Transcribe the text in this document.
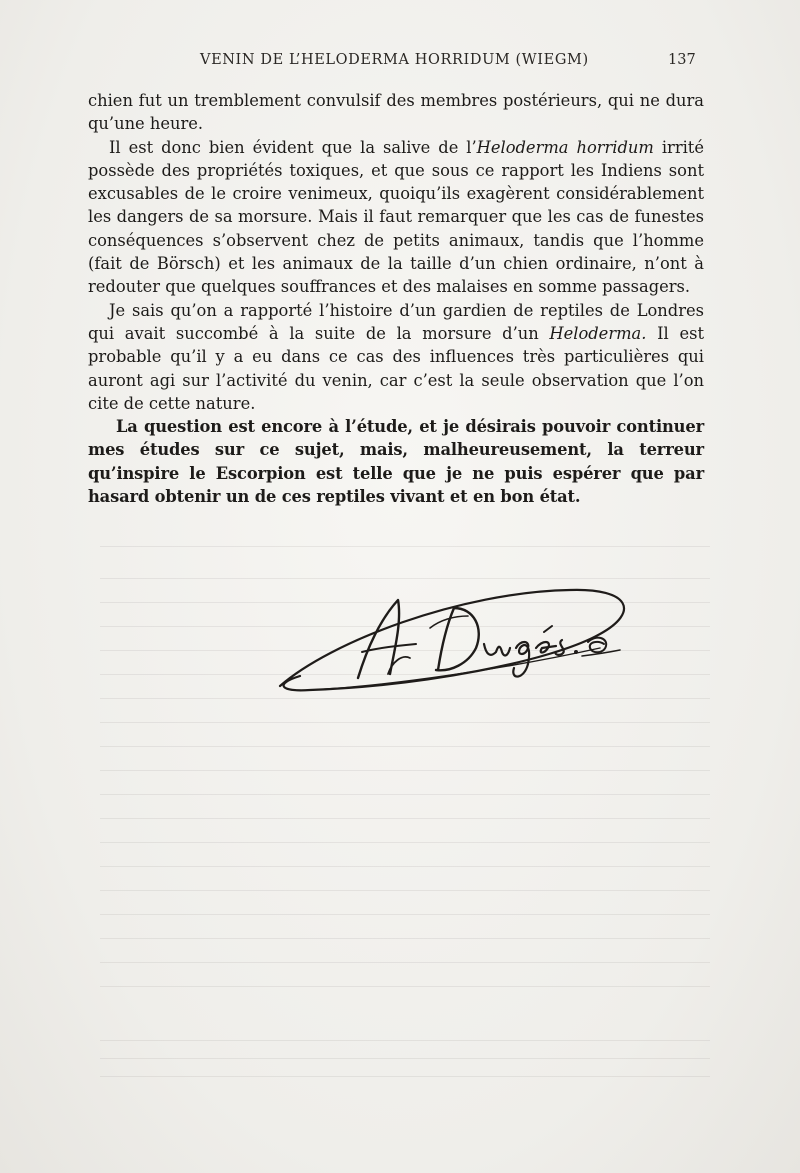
VENIN DE L’HELODERMA HORRIDUM (WIEGM)	137

chien fut un tremblement convulsif des membres postérieurs, qui ne dura qu’une heure.

Il est donc bien évident que la salive de l’Heloderma horridum irrité possède des propriétés toxiques, et que sous ce rapport les Indiens sont excusables de le croire venimeux, quoiqu’ils exagèrent considérablement les dangers de sa morsure. Mais il faut remarquer que les cas de funestes conséquences s’observent chez de petits animaux, tandis que l’homme (fait de Börsch) et les animaux de la taille d’un chien ordinaire, n’ont à redouter que quelques souffrances et des malaises en somme passagers.

Je sais qu’on a rapporté l’histoire d’un gardien de reptiles de Londres qui avait succombé à la suite de la morsure d’un Heloderma. Il est probable qu’il y a eu dans ce cas des influences très particulières qui auront agi sur l’activité du venin, car c’est la seule observation que l’on cite de cette nature.

La question est encore à l’étude, et je désirais pouvoir continuer mes études sur ce sujet, mais, malheureusement, la terreur qu’inspire le Escorpion est telle que je ne puis espérer que par hasard obtenir un de ces reptiles vivant et en bon état.
